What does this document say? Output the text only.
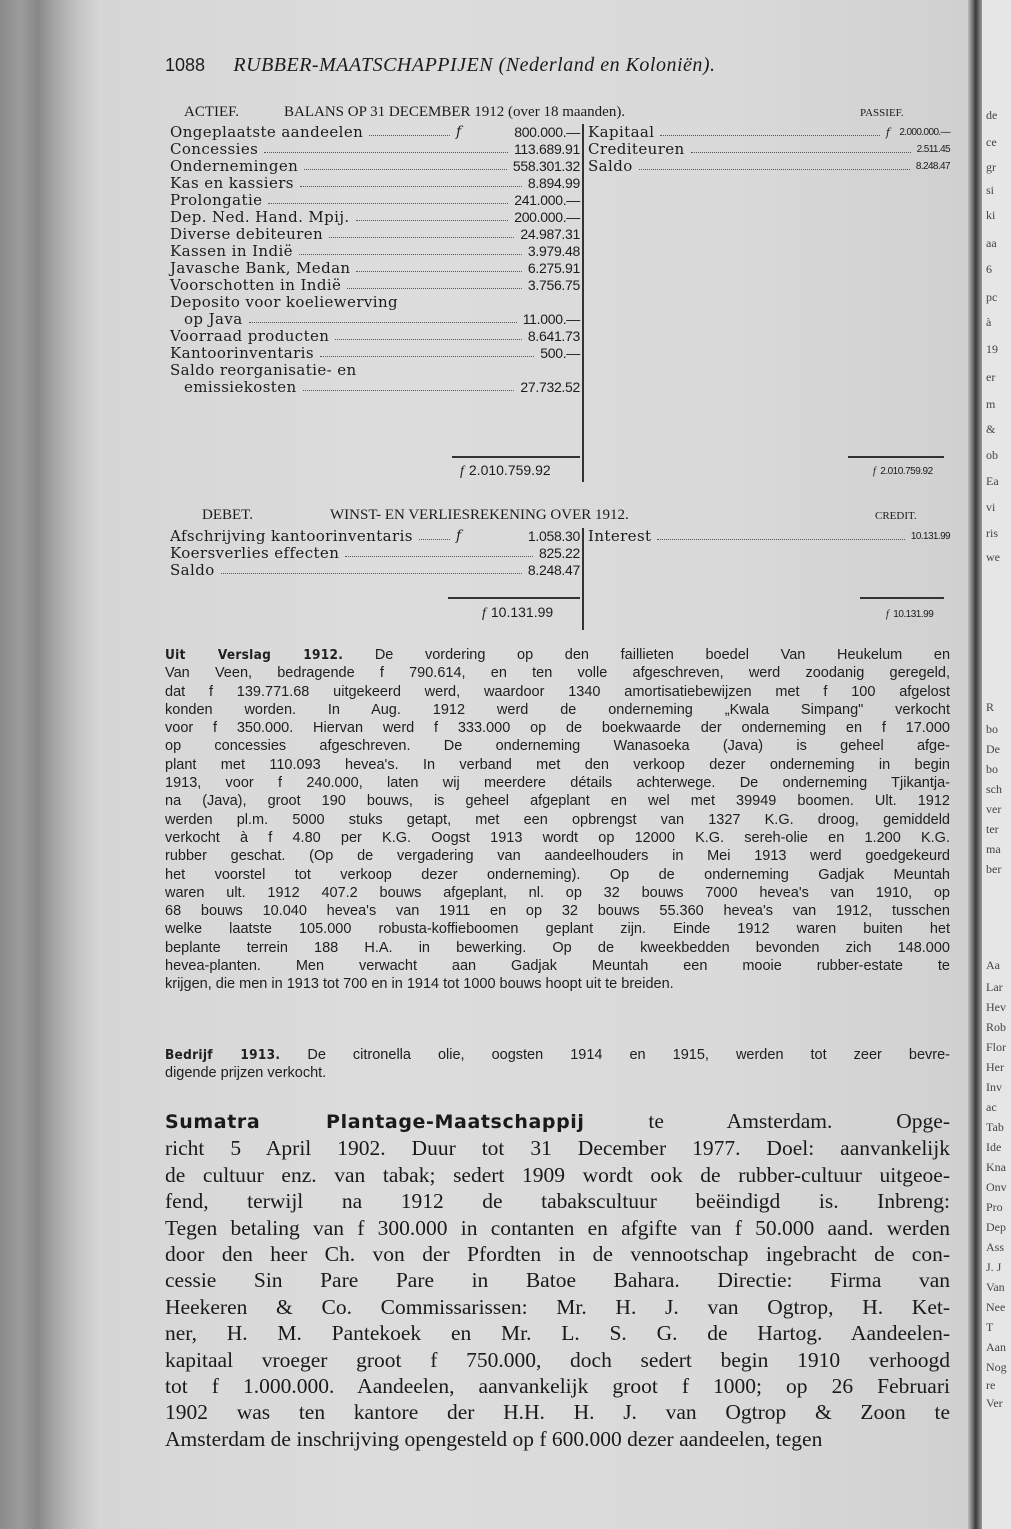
de
ce
gr
si
ki
aa
6
pc
à
19
er
m
&
ob
Ea
vi
ris
we
R
bo
De
bo
sch
ver
ter
ma
ber
Aa
Lar
Hev
Rob
Flor
Her
Inv
ac
Tab
Ide
Kna
Onv
Pro
Dep
Ass
J. J
Van
Nee
T
Aan
Nog
re
Ver
1088 RUBBER-MAATSCHAPPIJEN (Nederland en Koloniën).
ACTIEF.	BALANS OP 31 DECEMBER 1912 (over 18 maanden).	PASSIEF.
Ongeplaatste aandeelen	f	800.000.—
Concessies	113.689.91
Ondernemingen	558.301.32
Kas en kassiers	8.894.99
Prolongatie	241.000.—
Dep. Ned. Hand. Mpij.	200.000.—
Diverse debiteuren	24.987.31
Kassen in Indië	3.979.48
Javasche Bank, Medan	6.275.91
Voorschotten in Indië	3.756.75
Deposito voor koeliewerving
op Java	11.000.—
Voorraad producten	8.641.73
Kantoorinventaris	500.—
Saldo reorganisatie- en
emissiekosten	27.732.52
Kapitaal	f 2.000.000.—
Crediteuren	2.511.45
Saldo	8.248.47
f 2.010.759.92	f 2.010.759.92
DEBET.	WINST- EN VERLIESREKENING OVER 1912.	CREDIT.
Afschrijving kantoorinventaris	f	1.058.30
Koersverlies effecten	825.22
Saldo	8.248.47
Interest	10.131.99
f 10.131.99	f 10.131.99
Uit Verslag 1912. De vordering op den faillieten boedel Van Heukelum en
Van Veen, bedragende f 790.614, en ten volle afgeschreven, werd zoodanig geregeld,
dat f 139.771.68 uitgekeerd werd, waardoor 1340 amortisatiebewijzen met f 100 afgelost
konden worden. In Aug. 1912 werd de onderneming „Kwala Simpang" verkocht
voor f 350.000. Hiervan werd f 333.000 op de boekwaarde der onderneming en f 17.000
op concessies afgeschreven. De onderneming Wanasoeka (Java) is geheel afge-
plant met 110.093 hevea's. In verband met den verkoop dezer onderneming in begin
1913, voor f 240.000, laten wij meerdere détails achterwege. De onderneming Tjikantja-
na (Java), groot 190 bouws, is geheel afgeplant en wel met 39949 boomen. Ult. 1912
werden pl.m. 5000 stuks getapt, met een opbrengst van 1327 K.G. droog, gemiddeld
verkocht à f 4.80 per K.G. Oogst 1913 wordt op 12000 K.G. sereh-olie en 1.200 K.G.
rubber geschat. (Op de vergadering van aandeelhouders in Mei 1913 werd goedgekeurd
het voorstel tot verkoop dezer onderneming). Op de onderneming Gadjak Meuntah
waren ult. 1912 407.2 bouws afgeplant, nl. op 32 bouws 7000 hevea's van 1910, op
68 bouws 10.040 hevea's van 1911 en op 32 bouws 55.360 hevea's van 1912, tusschen
welke laatste 105.000 robusta-koffieboomen geplant zijn. Einde 1912 waren buiten het
beplante terrein 188 H.A. in bewerking. Op de kweekbedden bevonden zich 148.000
hevea-planten. Men verwacht aan Gadjak Meuntah een mooie rubber-estate te
krijgen, die men in 1913 tot 700 en in 1914 tot 1000 bouws hoopt uit te breiden.
Bedrijf 1913. De citronella olie, oogsten 1914 en 1915, werden tot zeer bevre-
digende prijzen verkocht.
Sumatra Plantage-Maatschappij	te Amsterdam. Opge-
richt 5 April 1902. Duur tot 31 December 1977. Doel: aanvankelijk
de cultuur enz. van tabak; sedert 1909 wordt ook de rubber-cultuur uitgeoe-
fend, terwijl na 1912 de tabakscultuur beëindigd is. Inbreng:
Tegen betaling van f 300.000 in contanten en afgifte van f 50.000 aand. werden
door den heer Ch. von der Pfordten in de vennootschap ingebracht de con-
cessie Sin Pare Pare in Batoe Bahara. Directie: Firma van
Heekeren & Co. Commissarissen: Mr. H. J. van Ogtrop, H. Ket-
ner, H. M. Pantekoek en Mr. L. S. G. de Hartog. Aandeelen-
kapitaal vroeger groot f 750.000, doch sedert begin 1910 verhoogd
tot f 1.000.000. Aandeelen, aanvankelijk groot f 1000; op 26 Februari
1902 was ten kantore der H.H. H. J. van Ogtrop & Zoon te
Amsterdam de inschrijving opengesteld op f 600.000 dezer aandeelen, tegen
